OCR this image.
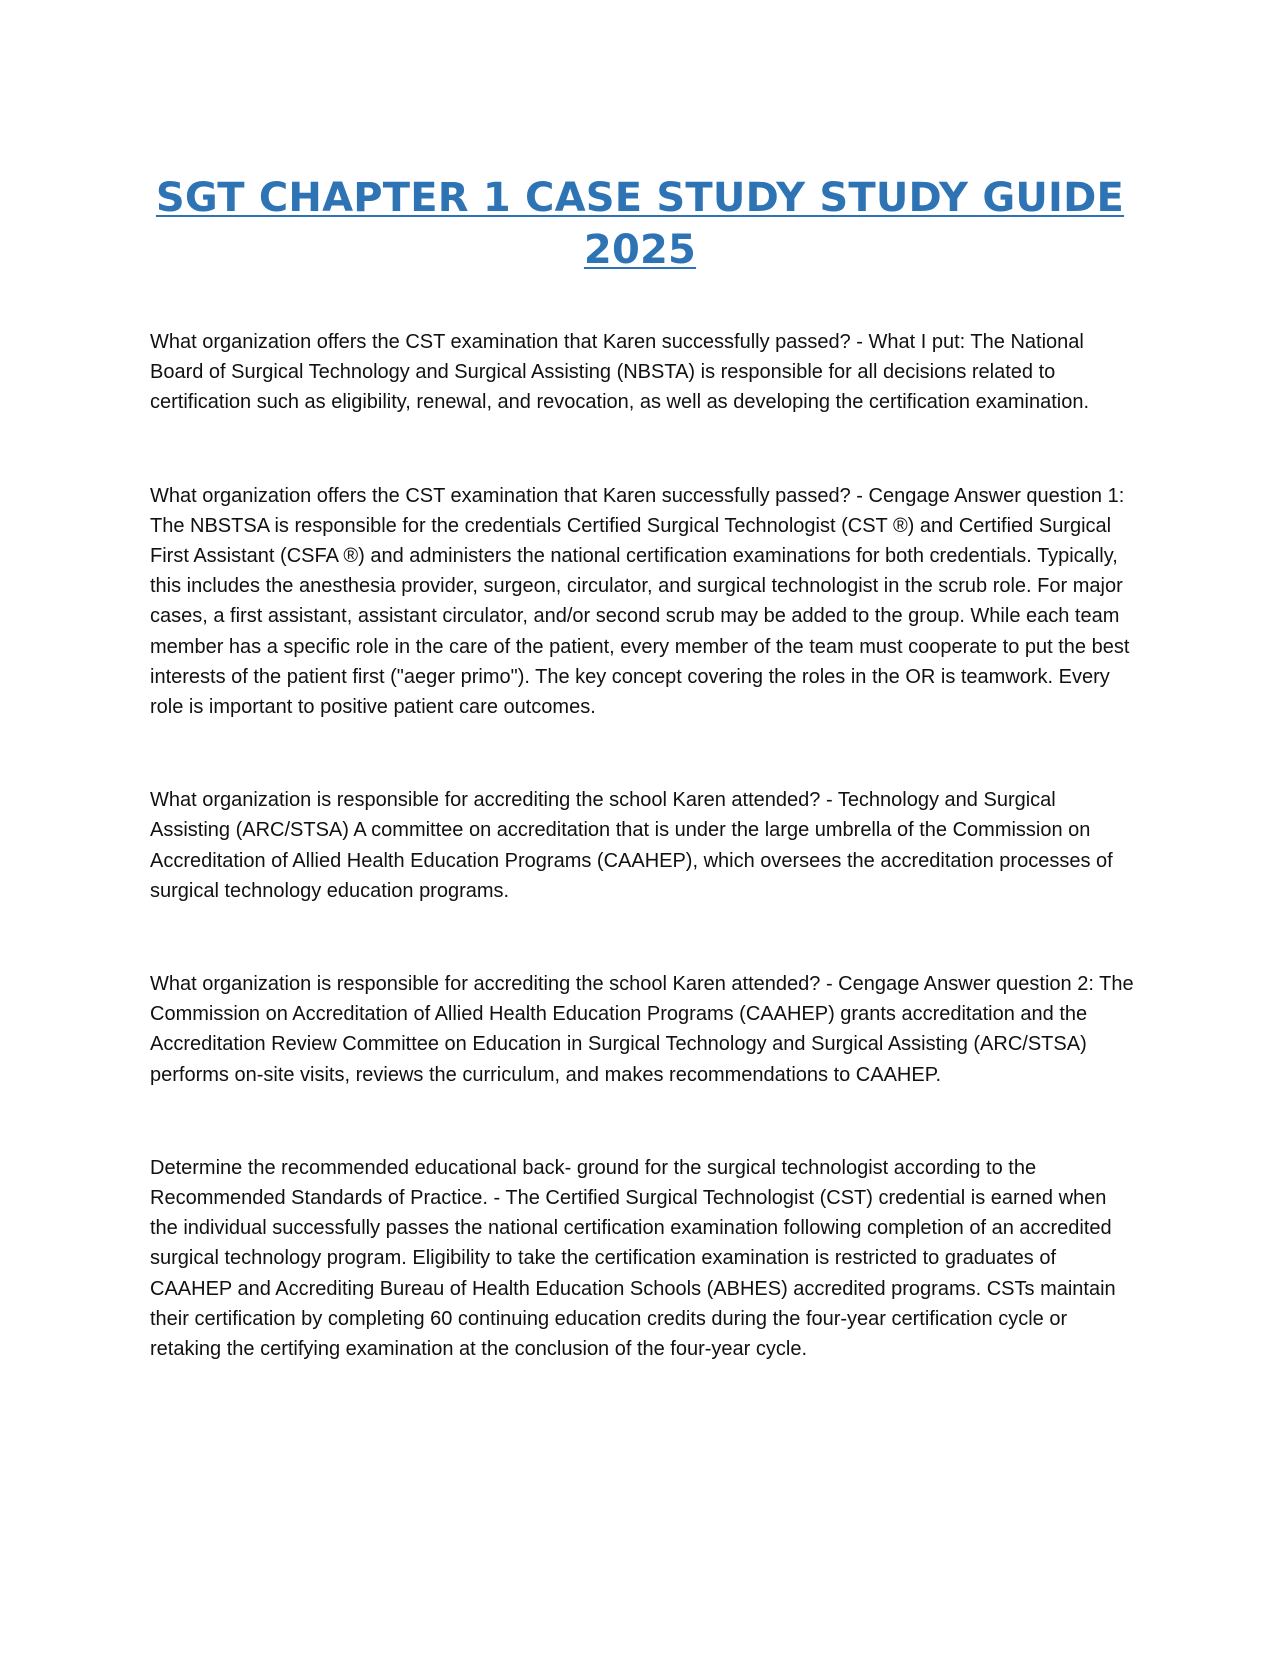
SGT CHAPTER 1 CASE STUDY STUDY GUIDE 2025

What organization offers the CST examination that Karen successfully passed? - What I put: The National Board of Surgical Technology and Surgical Assisting (NBSTA) is responsible for all decisions related to certification such as eligibility, renewal, and revocation, as well as developing the certification examination.

What organization offers the CST examination that Karen successfully passed? - Cengage Answer question 1: The NBSTSA is responsible for the credentials Certified Surgical Technologist (CST ®) and Certified Surgical First Assistant (CSFA ®) and administers the national certification examinations for both credentials. Typically, this includes the anesthesia provider, surgeon, circulator, and surgical technologist in the scrub role. For major cases, a first assistant, assistant circulator, and/or second scrub may be added to the group. While each team member has a specific role in the care of the patient, every member of the team must cooperate to put the best interests of the patient first ("aeger primo"). The key concept covering the roles in the OR is teamwork. Every role is important to positive patient care outcomes.

What organization is responsible for accrediting the school Karen attended? - Technology and Surgical Assisting (ARC/STSA) A committee on accreditation that is under the large umbrella of the Commission on Accreditation of Allied Health Education Programs (CAAHEP), which oversees the accreditation processes of surgical technology education programs.

What organization is responsible for accrediting the school Karen attended? - Cengage Answer question 2: The Commission on Accreditation of Allied Health Education Programs (CAAHEP) grants accreditation and the Accreditation Review Committee on Education in Surgical Technology and Surgical Assisting (ARC/STSA) performs on-site visits, reviews the curriculum, and makes recommendations to CAAHEP.

Determine the recommended educational back- ground for the surgical technologist according to the Recommended Standards of Practice. - The Certified Surgical Technologist (CST) credential is earned when the individual successfully passes the national certification examination following completion of an accredited surgical technology program. Eligibility to take the certification examination is restricted to graduates of CAAHEP and Accrediting Bureau of Health Education Schools (ABHES) accredited programs. CSTs maintain their certification by completing 60 continuing education credits during the four-year certification cycle or retaking the certifying examination at the conclusion of the four-year cycle.
